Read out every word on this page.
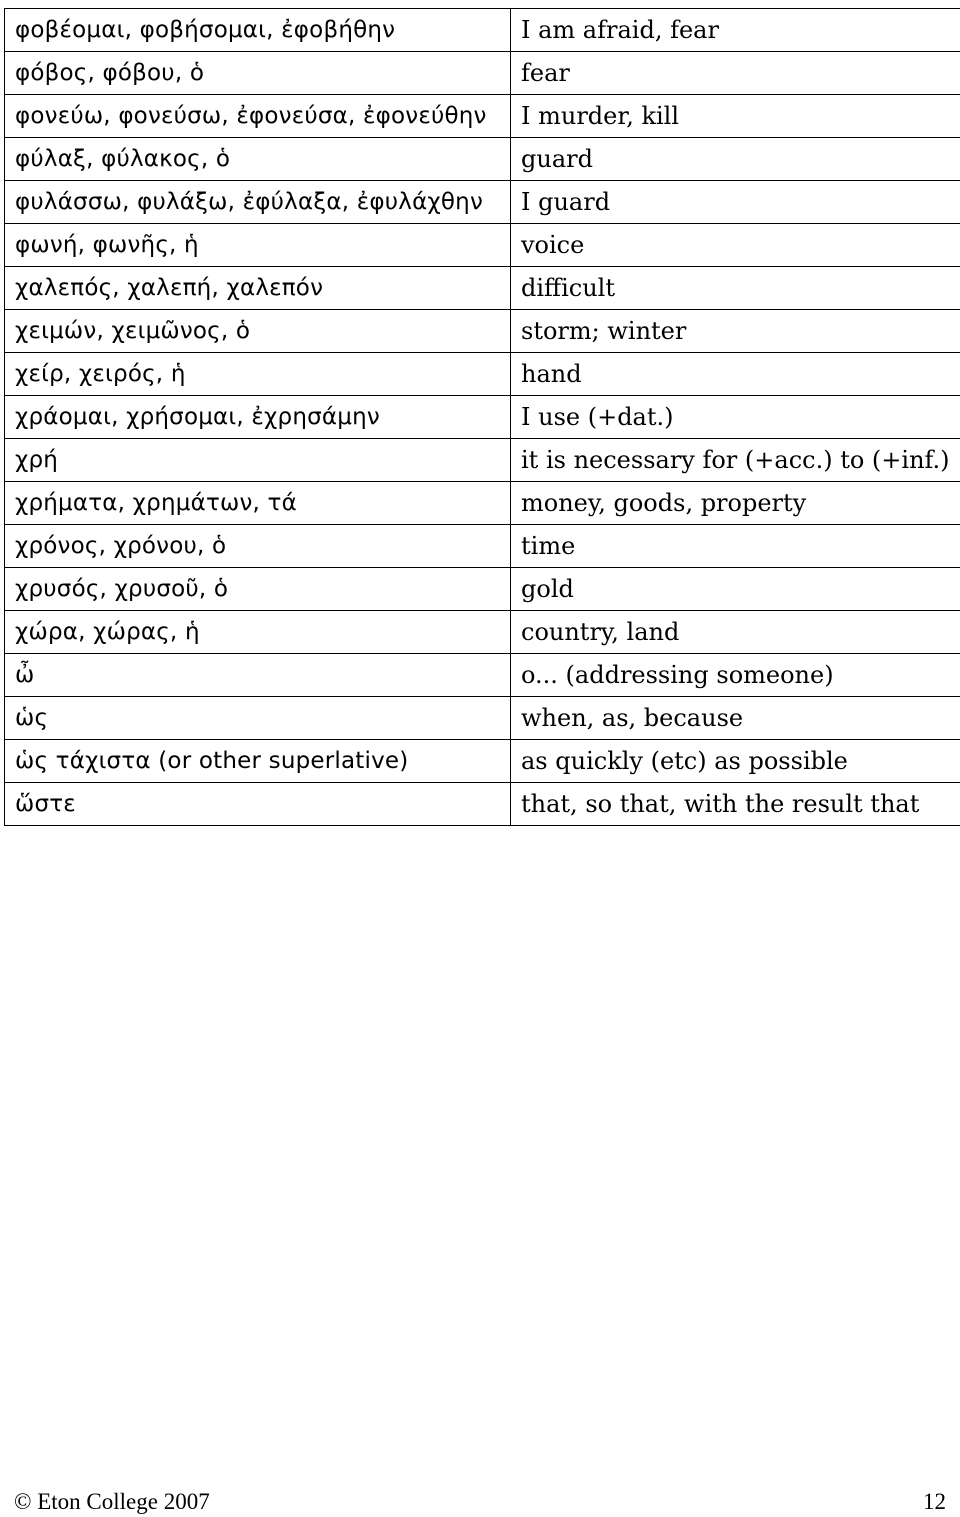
φοβέομαι, φοβήσομαι, ἐφοβήθην	I am afraid, fear
φόβος, φόβου, ὁ	fear
φονεύω, φονεύσω, ἐφονεύσα, ἐφονεύθην	I murder, kill
φύλαξ, φύλακος, ὁ	guard
φυλάσσω, φυλάξω, ἐφύλαξα, ἐφυλάχθην	I guard
φωνή, φωνῆς, ἡ	voice
χαλεπός, χαλεπή, χαλεπόν	difficult
χειμών, χειμῶνος, ὁ	storm; winter
χείρ, χειρός, ἡ	hand
χράομαι, χρήσομαι, ἐχρησάμην	I use (+dat.)
χρή	it is necessary for (+acc.) to (+inf.)
χρήματα, χρημάτων, τά	money, goods, property
χρόνος, χρόνου, ὁ	time
χρυσός, χρυσοῦ, ὁ	gold
χώρα, χώρας, ἡ	country, land
ὦ	o... (addressing someone)
ὡς	when, as, because
ὡς τάχιστα (or other superlative)	as quickly (etc) as possible
ὥστε	that, so that, with the result that
© Eton College 2007	12
